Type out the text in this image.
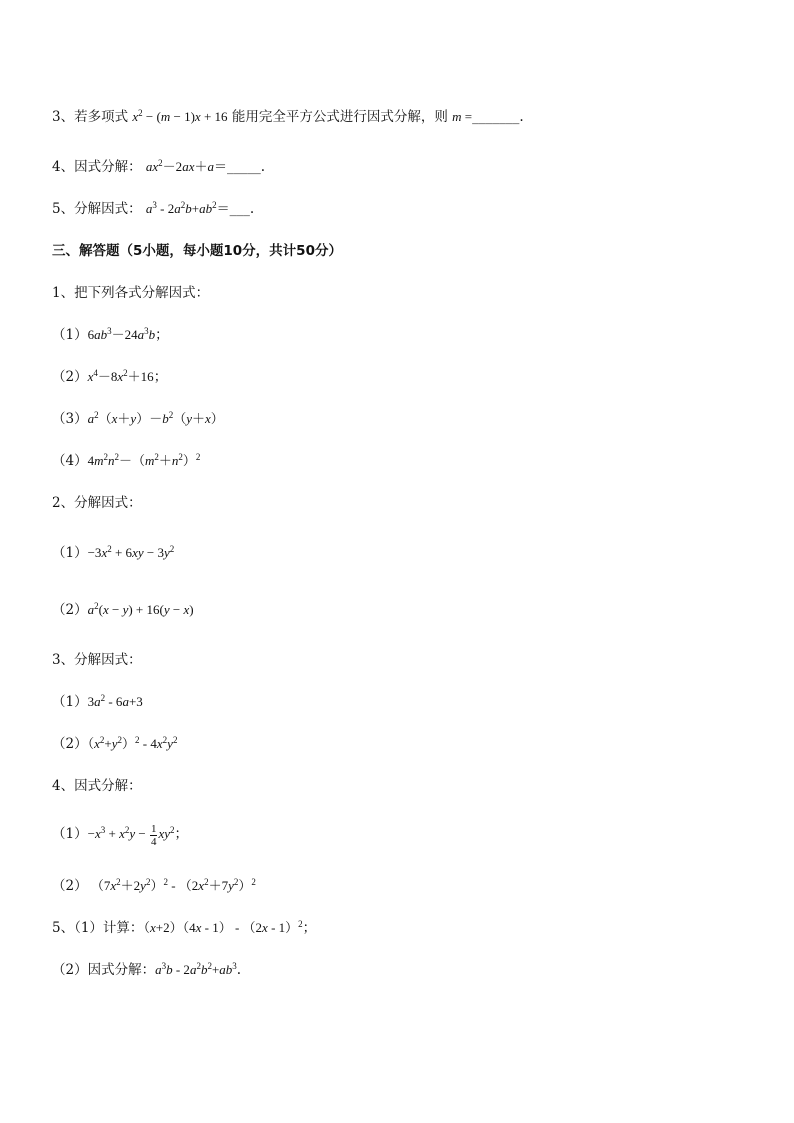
3、若多项式 $x^2 - (m - 1)x + 16$ 能用完全平方公式进行因式分解，则 m =_______.
4、因式分解： $ax^2-2ax+a=\_\_\_\_\_$.
5、分解因式： $a^3$ - $2a^2b+ab^2=\_\_\_$.
三、解答题（5小题，每小题10分，共计50分）
1、把下列各式分解因式：
$(1)6ab^3-24a^3b$；
$(2)x^4-8x^2+16$；
$(3)a^2(x+y)-b^2(y+x)$
$(4)4m^2n^2-(m^2+n^2)^2$
2、分解因式：
$(1)-3x^2 + 6xy - 3y^2$
$(2)a^2(x - y) + 16(y - x)$
3、分解因式：
$(1)3a^2 - 6a+3$
$(2)(x^2+y^2)^2 - 4x^2y^2$
4、因式分解：
$(1)-x^3 + x^2y - \frac{1}{4} xy^2$；
（2） $(7x^2+2y^2)^2 - (2x^2+7y^2)^2$
5、（1）计算：（x+2）（4x - 1） - （2x - 1）$^2$；
（2）因式分解：$a^3b - 2a^2b^2+ab^3$.
